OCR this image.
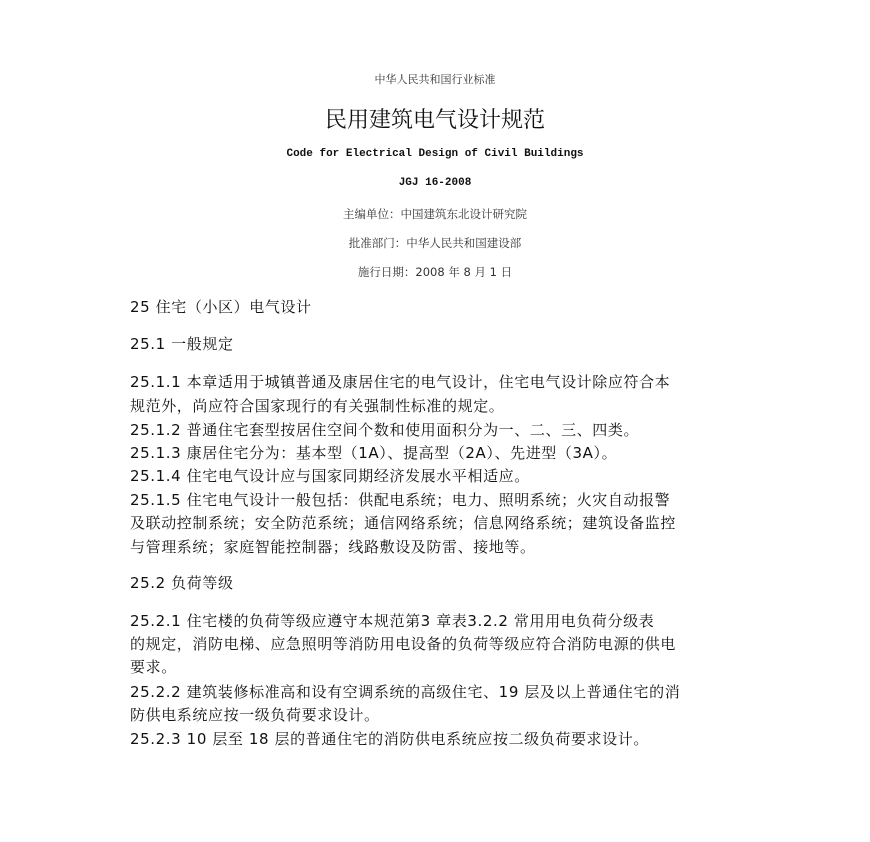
中华人民共和国行业标准
民用建筑电气设计规范
Code for Electrical Design of Civil Buildings
JGJ 16-2008
主编单位：中国建筑东北设计研究院
批准部门：中华人民共和国建设部
施行日期：2008 年 8 月 1 日
25 住宅（小区）电气设计
25.1 一般规定
25.1.1 本章适用于城镇普通及康居住宅的电气设计，住宅电气设计除应符合本
规范外，尚应符合国家现行的有关强制性标准的规定。
25.1.2 普通住宅套型按居住空间个数和使用面积分为一、二、三、四类。
25.1.3 康居住宅分为：基本型（1A）、提高型（2A）、先进型（3A）。
25.1.4 住宅电气设计应与国家同期经济发展水平相适应。
25.1.5 住宅电气设计一般包括：供配电系统；电力、照明系统；火灾自动报警
及联动控制系统；安全防范系统；通信网络系统；信息网络系统；建筑设备监控
与管理系统；家庭智能控制器；线路敷设及防雷、接地等。
25.2 负荷等级
25.2.1 住宅楼的负荷等级应遵守本规范第3 章表3.2.2 常用用电负荷分级表
的规定，消防电梯、应急照明等消防用电设备的负荷等级应符合消防电源的供电
要求。
25.2.2 建筑装修标准高和设有空调系统的高级住宅、19 层及以上普通住宅的消
防供电系统应按一级负荷要求设计。
25.2.3 10 层至 18 层的普通住宅的消防供电系统应按二级负荷要求设计。
